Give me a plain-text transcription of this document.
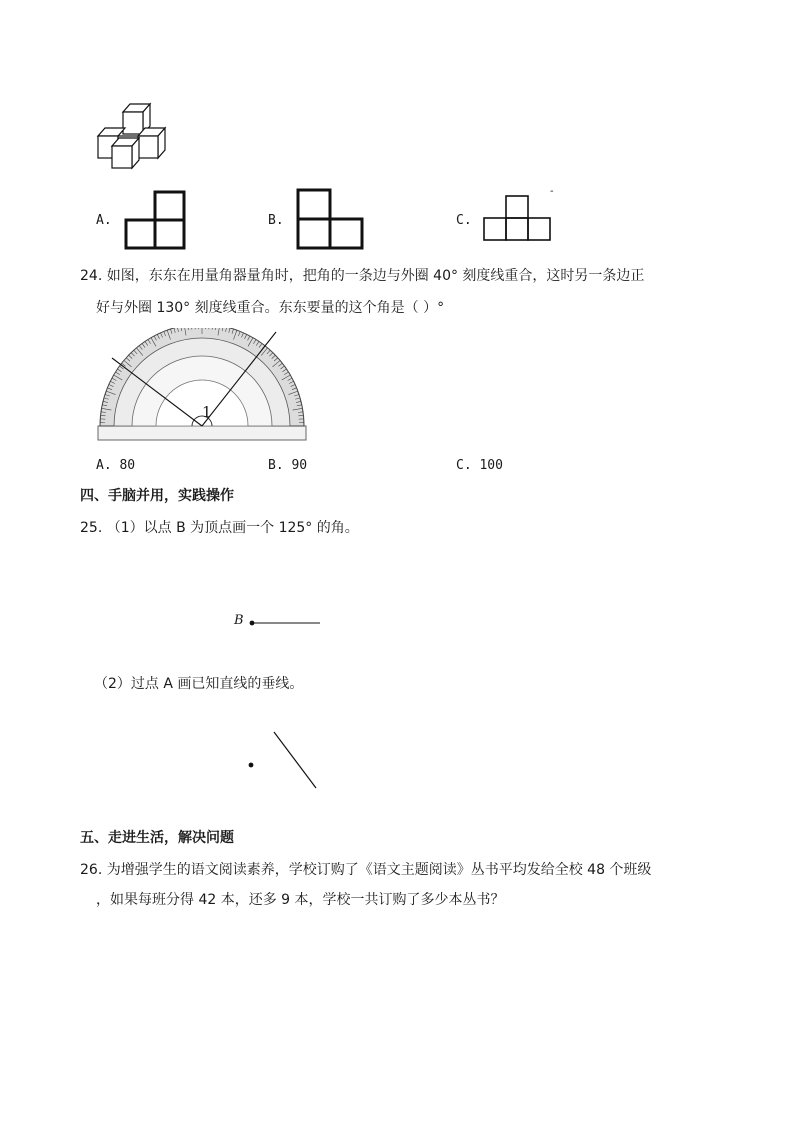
A.	B.	C.
-
24. 如图，东东在用量角器量角时，把角的一条边与外圈 40° 刻度线重合，这时另一条边正
好与外圈 130° 刻度线重合。东东要量的这个角是（ ）°
1
A. 80	B. 90	C. 100
四、手脑并用，实践操作
25. （1）以点 B 为顶点画一个 125° 的角。
B
（2）过点 A 画已知直线的垂线。
五、走进生活，解决问题
26. 为增强学生的语文阅读素养，学校订购了《语文主题阅读》丛书平均发给全校 48 个班级
，如果每班分得 42 本，还多 9 本，学校一共订购了多少本丛书？
